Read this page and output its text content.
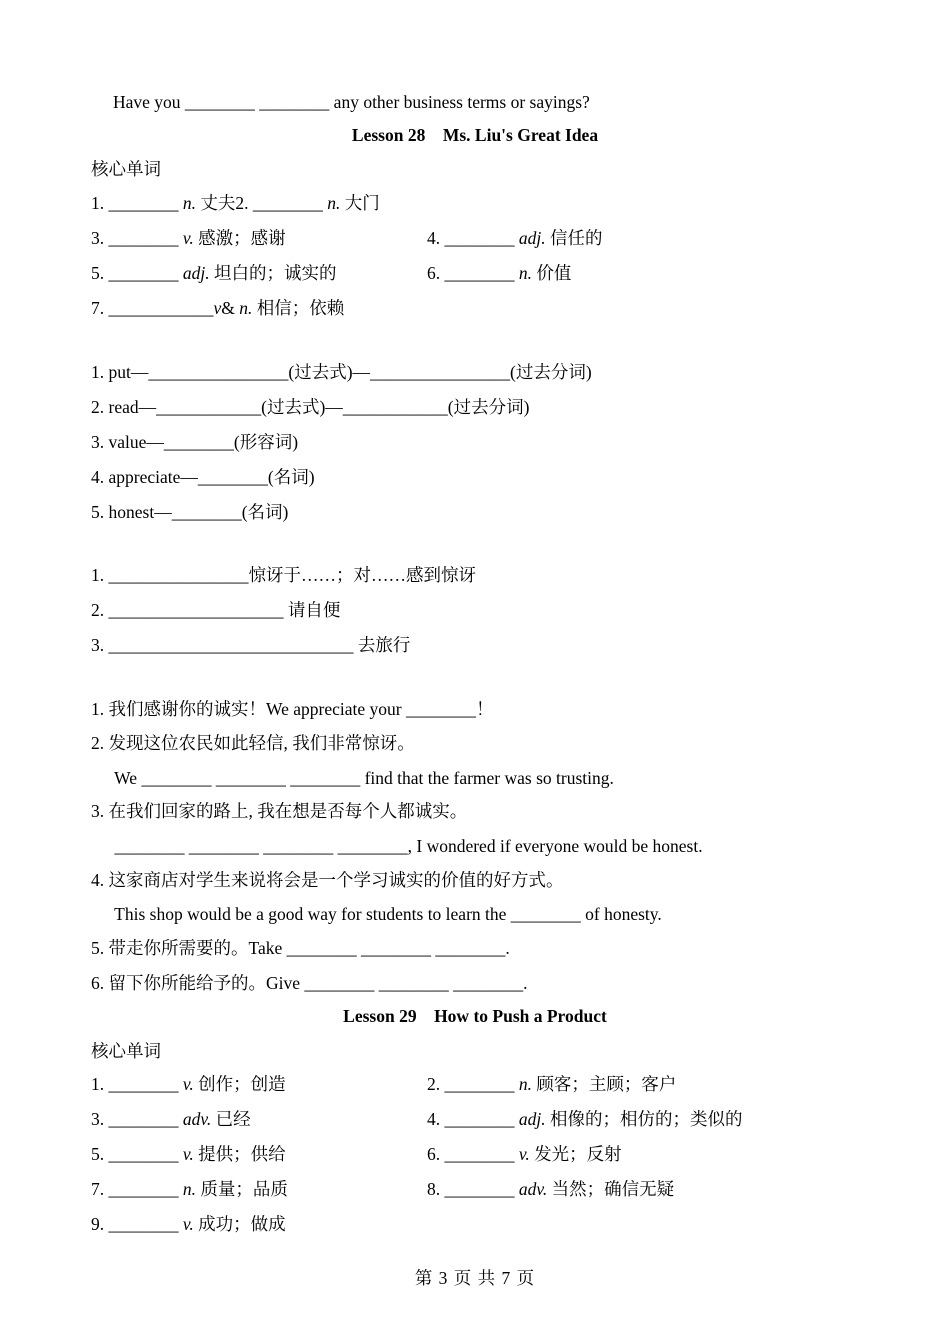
Have you ________ ________ any other business terms or sayings?
Lesson 28    Ms. Liu's Great Idea
核心单词
1. ________ n. 丈夫2. ________ n. 大门
3. ________ v. 感激；感谢	4. ________ adj. 信任的
5. ________ adj. 坦白的；诚实的	6. ________ n. 价值
7. ____________v& n. 相信；依赖
1. put—________________(过去式)—________________(过去分词)
2. read—____________(过去式)—____________(过去分词)
3. value—________(形容词)
4. appreciate—________(名词)
5. honest—________(名词)
1. ________________惊讶于……；对……感到惊讶
2. ____________________ 请自便
3. ____________________________ 去旅行
1. 我们感谢你的诚实！We appreciate your ________！
2. 发现这位农民如此轻信, 我们非常惊讶。
We ________ ________ ________ find that the farmer was so trusting.
3. 在我们回家的路上, 我在想是否每个人都诚实。
________ ________ ________ ________, I wondered if everyone would be honest.
4. 这家商店对学生来说将会是一个学习诚实的价值的好方式。
This shop would be a good way for students to learn the ________ of honesty.
5. 带走你所需要的。Take ________ ________ ________.
6. 留下你所能给予的。Give ________ ________ ________.
Lesson 29    How to Push a Product
核心单词
1. ________ v. 创作；创造	2. ________ n. 顾客；主顾；客户
3. ________ adv. 已经	4. ________ adj. 相像的；相仿的；类似的
5. ________ v. 提供；供给	6. ________ v. 发光；反射
7. ________ n. 质量；品质	8. ________ adv. 当然；确信无疑
9. ________ v. 成功；做成
第 3 页 共 7 页
